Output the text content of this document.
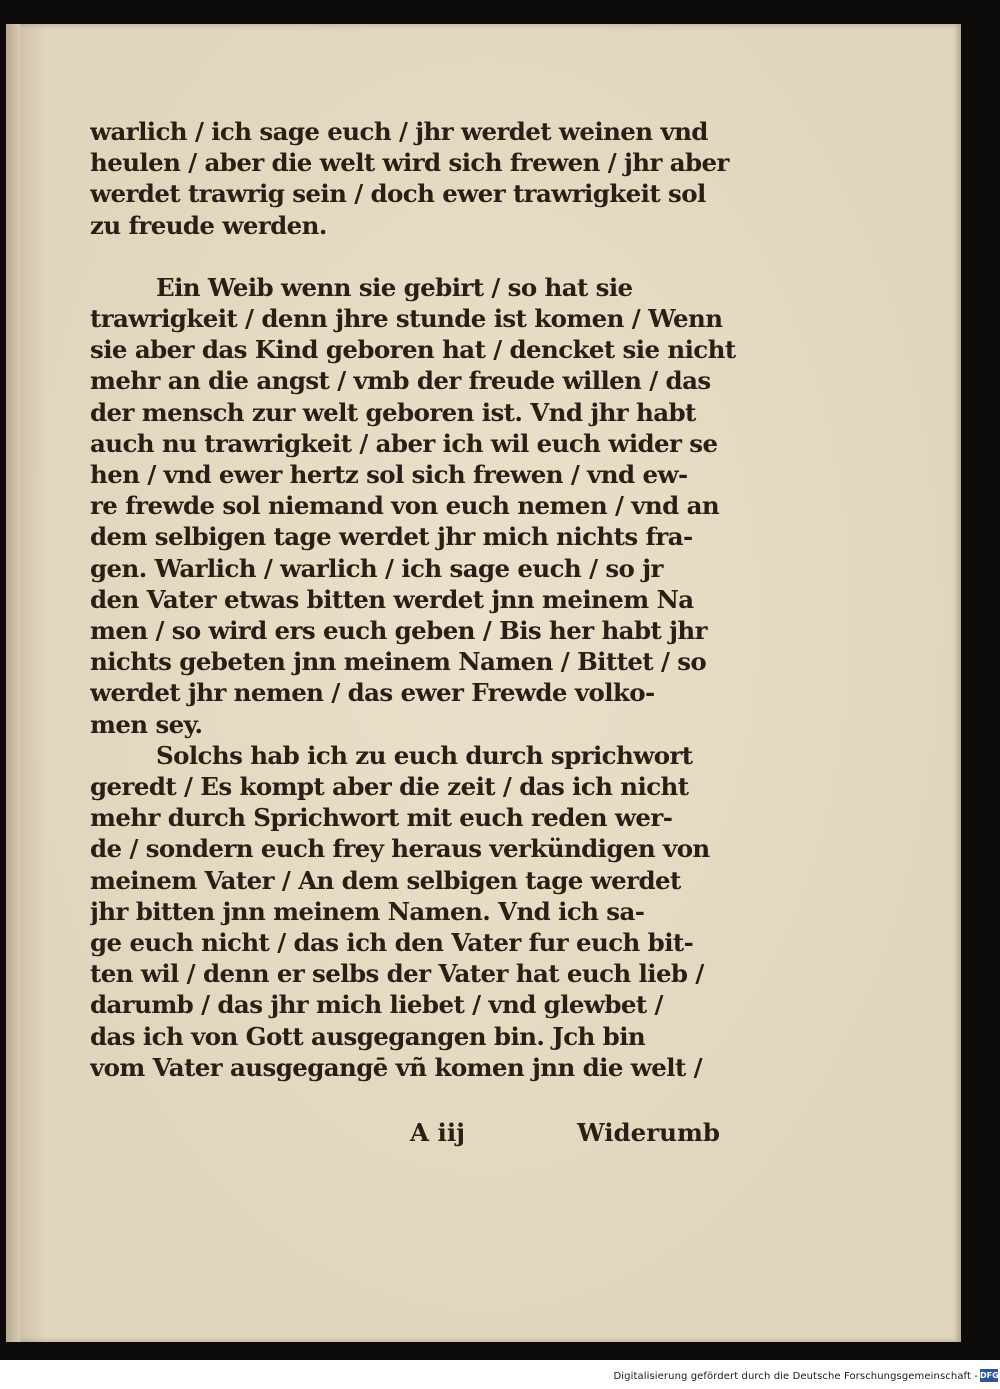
warlich / ich sage euch / jhr werdet weinen vnd
heulen / aber die welt wird sich frewen / jhr aber
werdet trawrig sein / doch ewer trawrigkeit sol
zu freude werden.
Ein Weib wenn sie gebirt / so hat sie
trawrigkeit / denn jhre stunde ist komen / Wenn
sie aber das Kind geboren hat / dencket sie nicht
mehr an die angst / vmb der freude willen / das
der mensch zur welt geboren ist. Vnd jhr habt
auch nu trawrigkeit / aber ich wil euch wider se
hen / vnd ewer hertz sol sich frewen / vnd ew-
re frewde sol niemand von euch nemen / vnd an
dem selbigen tage werdet jhr mich nichts fra-
gen. Warlich / warlich / ich sage euch / so jr
den Vater etwas bitten werdet jnn meinem Na
men / so wird ers euch geben / Bis her habt jhr
nichts gebeten jnn meinem Namen / Bittet / so
werdet jhr nemen / das ewer Frewde volko-
men sey.
Solchs hab ich zu euch durch sprichwort
geredt / Es kompt aber die zeit / das ich nicht
mehr durch Sprichwort mit euch reden wer-
de / sondern euch frey heraus verkündigen von
meinem Vater / An dem selbigen tage werdet
jhr bitten jnn meinem Namen. Vnd ich sa-
ge euch nicht / das ich den Vater fur euch bit-
ten wil / denn er selbs der Vater hat euch lieb /
darumb / das jhr mich liebet / vnd glewbet /
das ich von Gott ausgegangen bin. Jch bin
vom Vater ausgegangē vñ komen jnn die welt /
A iij	Widerumb
Digitalisierung gefördert durch die Deutsche Forschungsgemeinschaft - DFG
